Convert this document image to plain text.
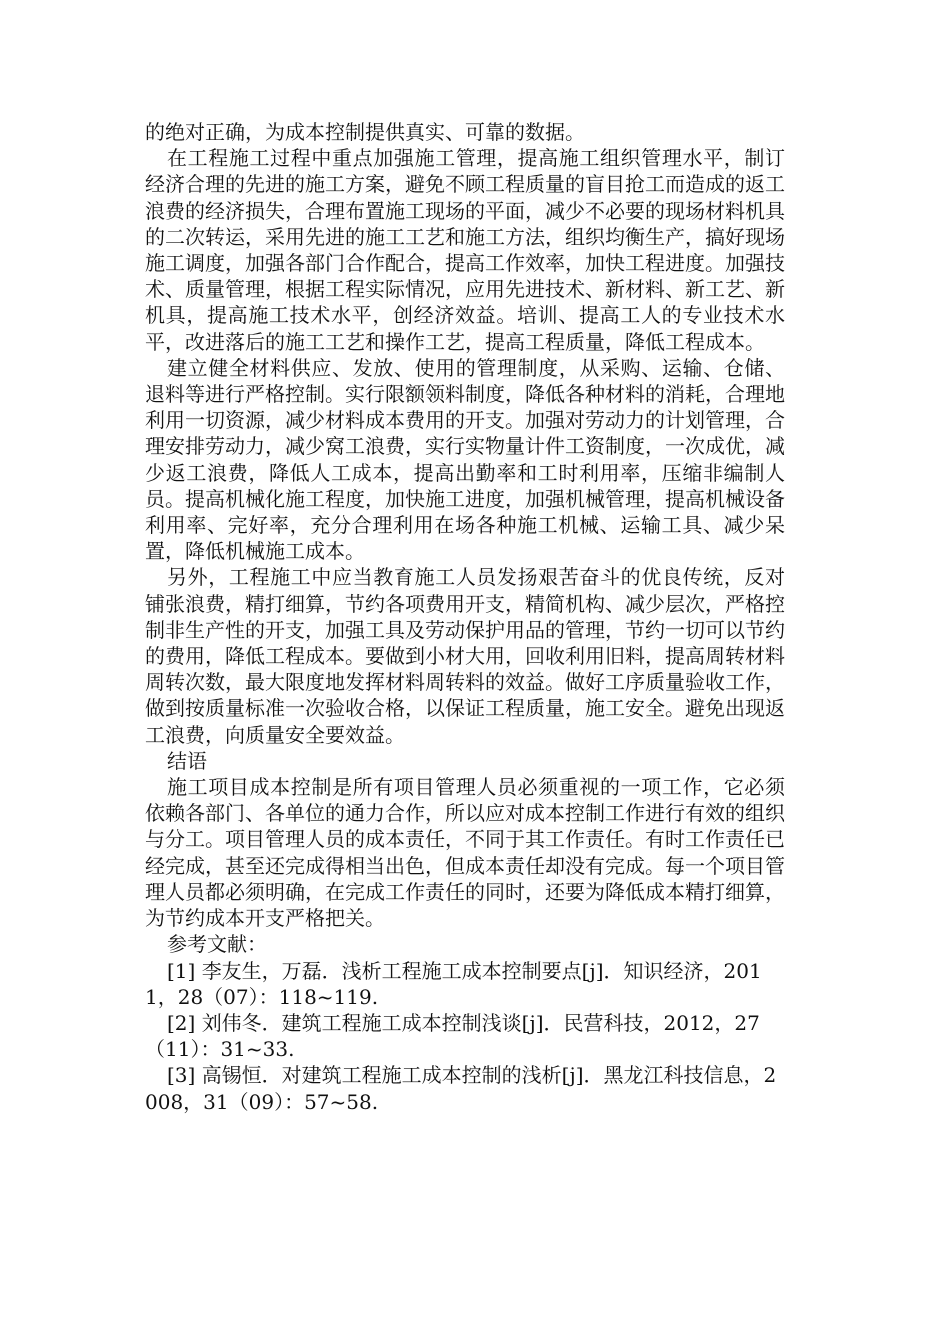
的绝对正确，为成本控制提供真实、可靠的数据。

在工程施工过程中重点加强施工管理，提高施工组织管理水平，制订经济合理的先进的施工方案，避免不顾工程质量的盲目抢工而造成的返工浪费的经济损失，合理布置施工现场的平面，减少不必要的现场材料机具的二次转运，采用先进的施工工艺和施工方法，组织均衡生产，搞好现场施工调度，加强各部门合作配合，提高工作效率，加快工程进度。加强技术、质量管理，根据工程实际情况，应用先进技术、新材料、新工艺、新机具，提高施工技术水平，创经济效益。培训、提高工人的专业技术水平，改进落后的施工工艺和操作工艺，提高工程质量，降低工程成本。

建立健全材料供应、发放、使用的管理制度，从采购、运输、仓储、退料等进行严格控制。实行限额领料制度，降低各种材料的消耗，合理地利用一切资源，减少材料成本费用的开支。加强对劳动力的计划管理，合理安排劳动力，减少窝工浪费，实行实物量计件工资制度，一次成优，减少返工浪费，降低人工成本，提高出勤率和工时利用率，压缩非编制人员。提高机械化施工程度，加快施工进度，加强机械管理，提高机械设备利用率、完好率，充分合理利用在场各种施工机械、运输工具、减少呆置，降低机械施工成本。

另外，工程施工中应当教育施工人员发扬艰苦奋斗的优良传统，反对铺张浪费，精打细算，节约各项费用开支，精简机构、减少层次，严格控制非生产性的开支，加强工具及劳动保护用品的管理，节约一切可以节约的费用，降低工程成本。要做到小材大用，回收利用旧料，提高周转材料周转次数，最大限度地发挥材料周转料的效益。做好工序质量验收工作，做到按质量标准一次验收合格，以保证工程质量，施工安全。避免出现返工浪费，向质量安全要效益。

结语

施工项目成本控制是所有项目管理人员必须重视的一项工作，它必须依赖各部门、各单位的通力合作，所以应对成本控制工作进行有效的组织与分工。项目管理人员的成本责任，不同于其工作责任。有时工作责任已经完成，甚至还完成得相当出色，但成本责任却没有完成。每一个项目管理人员都必须明确，在完成工作责任的同时，还要为降低成本精打细算，为节约成本开支严格把关。

参考文献：

[1] 李友生，万磊．浅析工程施工成本控制要点[j]．知识经济，2011，28（07）：118~119.

[2] 刘伟冬．建筑工程施工成本控制浅谈[j]．民营科技，2012，27（11）：31~33.

[3] 高锡恒．对建筑工程施工成本控制的浅析[j]．黑龙江科技信息，2008，31（09）：57~58.
